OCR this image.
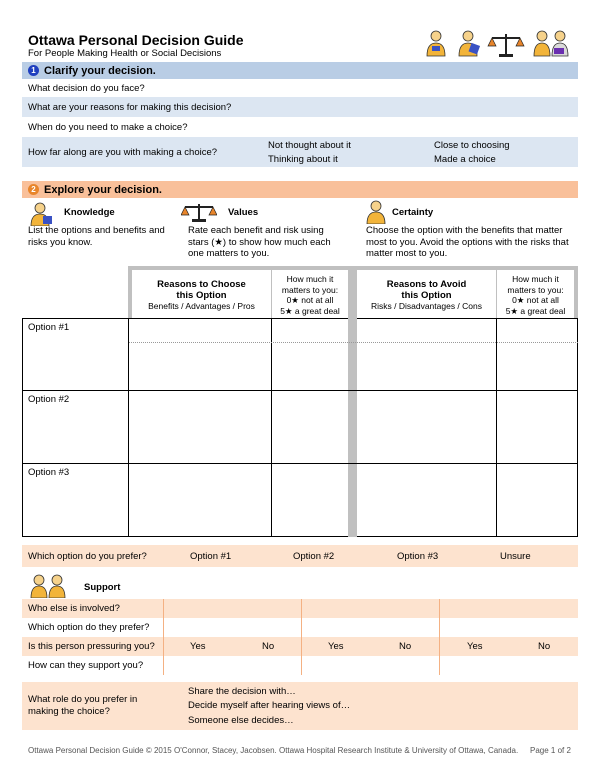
Ottawa Personal Decision Guide
For People Making Health or Social Decisions
1 Clarify your decision.
What decision do you face?
What are your reasons for making this decision?
When do you need to make a choice?
How far along are you with making a choice?
Not thought about it	Close to choosing
Thinking about it	Made a choice
2 Explore your decision.
Knowledge
List the options and benefits and risks you know.
Values
Rate each benefit and risk using stars (★) to show how much each one matters to you.
Certainty
Choose the option with the benefits that matter most to you. Avoid the options with the risks that matter most to you.
Reasons to Choose this Option
Benefits / Advantages / Pros
How much it matters to you:
0★ not at all
5★ a great deal
Reasons to Avoid this Option
Risks / Disadvantages / Cons
How much it matters to you:
0★ not at all
5★ a great deal
Option #1
Option #2
Option #3
Which option do you prefer?	Option #1	Option #2	Option #3	Unsure
Support
Who else is involved?
Which option do they prefer?
Is this person pressuring you?	Yes	No	Yes	No	Yes	No
How can they support you?
What role do you prefer in making the choice?
Share the decision with…
Decide myself after hearing views of…
Someone else decides…
Ottawa Personal Decision Guide © 2015 O'Connor, Stacey, Jacobsen. Ottawa Hospital Research Institute & University of Ottawa, Canada. Page 1 of 2
